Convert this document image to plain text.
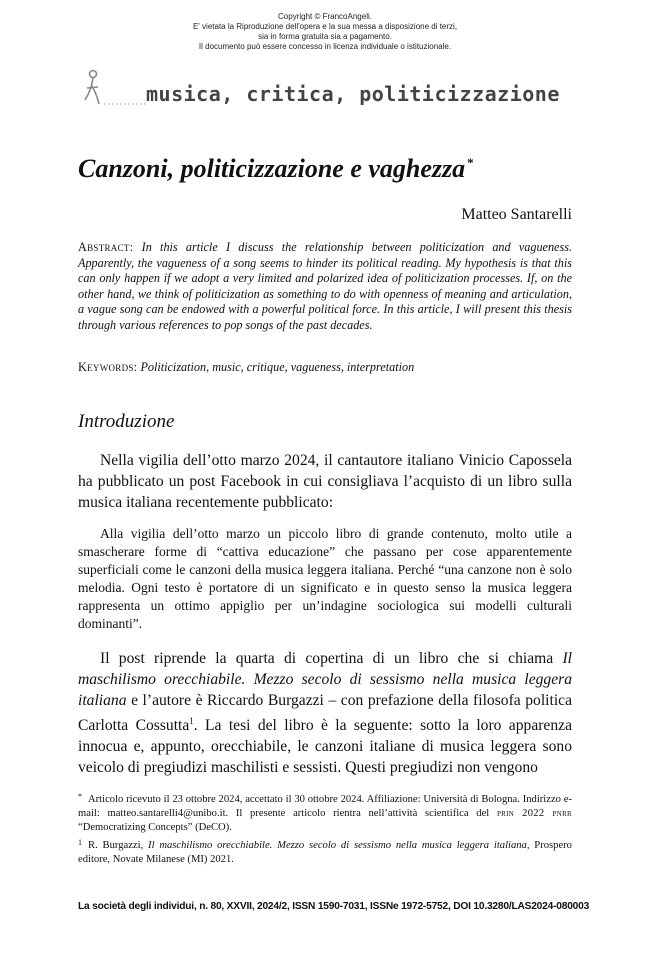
Copyright © FrancoAngeli.
E' vietata la Riproduzione dell'opera e la sua messa a disposizione di terzi,
sia in forma gratuita sia a pagamento.
Il documento può essere concesso in licenza individuale o istituzionale.
musica, critica, politicizzazione
Canzoni, politicizzazione e vaghezza *
Matteo Santarelli
Abstract: In this article I discuss the relationship between politicization and vagueness. Apparently, the vagueness of a song seems to hinder its political reading. My hypothesis is that this can only happen if we adopt a very limited and polarized idea of politicization processes. If, on the other hand, we think of politicization as something to do with openness of meaning and articulation, a vague song can be endowed with a powerful political force. In this article, I will present this thesis through various references to pop songs of the past decades.
Keywords: Politicization, music, critique, vagueness, interpretation
Introduzione

Nella vigilia dell’otto marzo 2024, il cantautore italiano Vinicio Capossela ha pubblicato un post Facebook in cui consigliava l’acquisto di un libro sulla musica italiana recentemente pubblicato:

Alla vigilia dell’otto marzo un piccolo libro di grande contenuto, molto utile a smascherare forme di “cattiva educazione” che passano per cose apparentemente superficiali come le canzoni della musica leggera italiana. Perché “una canzone non è solo melodia. Ogni testo è portatore di un significato e in questo senso la musica leggera rappresenta un ottimo appiglio per un’indagine sociologica sui modelli culturali dominanti”.

Il post riprende la quarta di copertina di un libro che si chiama Il maschilismo orecchiabile. Mezzo secolo di sessismo nella musica leggera italiana e l’autore è Riccardo Burgazzi – con prefazione della filosofa politica Carlotta Cossutta$^1$. La tesi del libro è la seguente: sotto la loro apparenza innocua e, appunto, orecchiabile, le canzoni italiane di musica leggera sono veicolo di pregiudizi maschilisti e sessisti. Questi pregiudizi non vengono

* Articolo ricevuto il 23 ottobre 2024, accettato il 30 ottobre 2024. Affiliazione: Università di Bologna. Indirizzo e-mail: matteo.santarelli4@unibo.it. Il presente articolo rientra nell’attività scientifica del prin 2022 pnrr “Democratizing Concepts” (DeCO).

$^1$ R. Burgazzi, Il maschilismo orecchiabile. Mezzo secolo di sessismo nella musica leggera italiana, Prospero editore, Novate Milanese (MI) 2021.

La società degli individui, n. 80, XXVII, 2024/2, ISSN 1590-7031, ISSNe 1972-5752, DOI 10.3280/LAS2024-080003
